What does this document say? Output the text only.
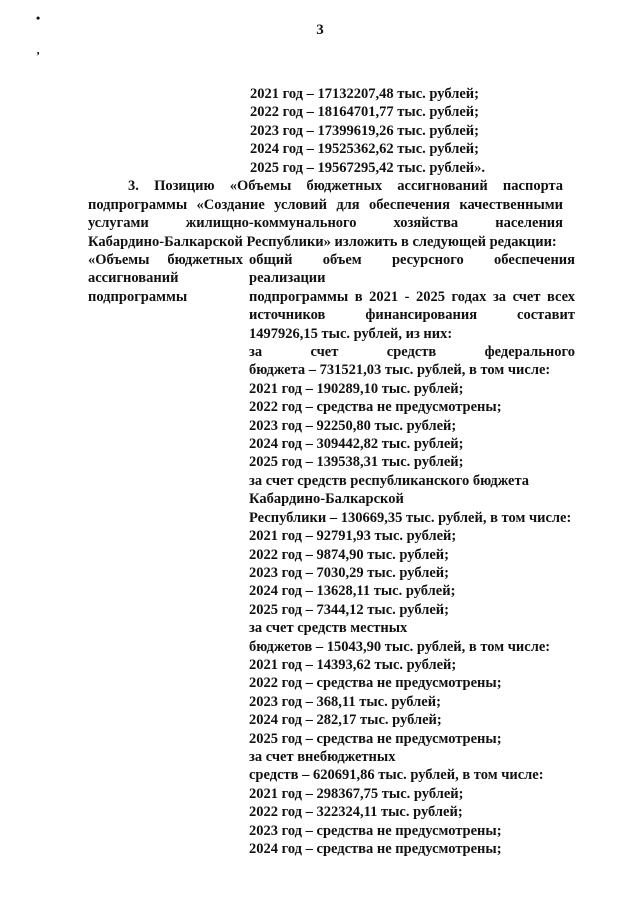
•
ʼ
3
2021 год – 17132207,48 тыс. рублей;
2022 год – 18164701,77 тыс. рублей;
2023 год – 17399619,26 тыс. рублей;
2024 год – 19525362,62 тыс. рублей;
2025 год – 19567295,42 тыс. рублей».
3. Позицию «Объемы бюджетных ассигнований паспорта
подпрограммы «Создание условий для обеспечения качественными
услугами жилищно-коммунального хозяйства населения
Кабардино-Балкарской Республики» изложить в следующей редакции:
«Объемы бюджетных
ассигнований
подпрограммы
общий объем ресурсного обеспечения реализации
подпрограммы в 2021 - 2025 годах за счет всех
источников финансирования составит
1497926,15 тыс. рублей, из них:
за счет средств федерального
бюджета – 731521,03 тыс. рублей, в том числе:
2021 год – 190289,10 тыс. рублей;
2022 год – средства не предусмотрены;
2023 год – 92250,80 тыс. рублей;
2024 год – 309442,82 тыс. рублей;
2025 год – 139538,31 тыс. рублей;
за счет средств республиканского бюджета
Кабардино-Балкарской
Республики – 130669,35 тыс. рублей, в том числе:
2021 год – 92791,93 тыс. рублей;
2022 год – 9874,90 тыс. рублей;
2023 год – 7030,29 тыс. рублей;
2024 год – 13628,11 тыс. рублей;
2025 год – 7344,12 тыс. рублей;
за счет средств местных
бюджетов – 15043,90 тыс. рублей, в том числе:
2021 год – 14393,62 тыс. рублей;
2022 год – средства не предусмотрены;
2023 год – 368,11 тыс. рублей;
2024 год – 282,17 тыс. рублей;
2025 год – средства не предусмотрены;
за счет внебюджетных
средств – 620691,86 тыс. рублей, в том числе:
2021 год – 298367,75 тыс. рублей;
2022 год – 322324,11 тыс. рублей;
2023 год – средства не предусмотрены;
2024 год – средства не предусмотрены;
